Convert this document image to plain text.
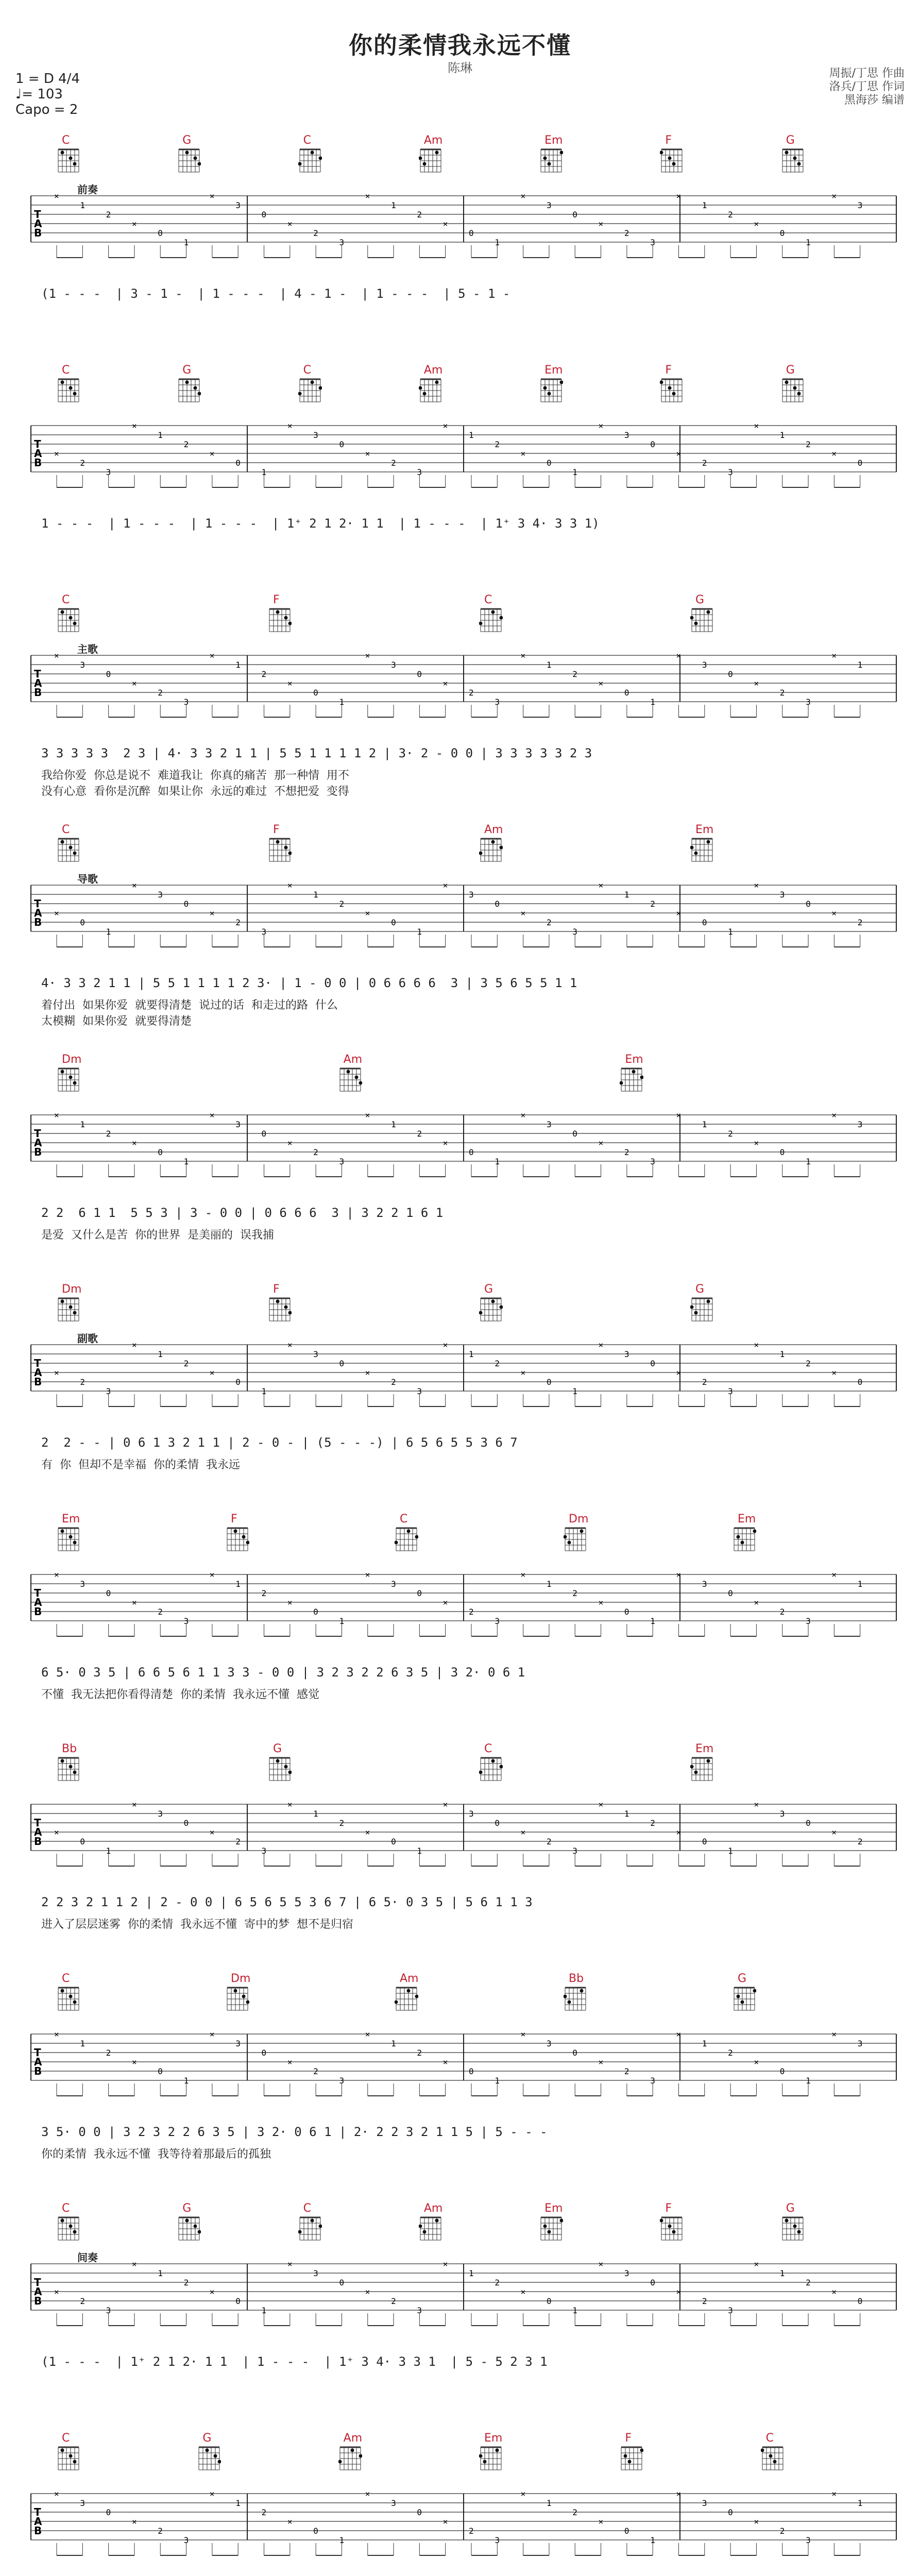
你的柔情我永远不懂
陈琳
1 = D 4/4
♩= 103
Capo = 2
周振/丁思 作曲
洛兵/丁思 作词
黑海莎 编谱
C	G	C	Am	Em	F	G
前奏
T
A
B
×
1
2
×
0
1
×
3
0
×
2
3
×
1
2
×
0
1
×
3
0
×
2
3
×
1
2
×
0
1
×
3
(1 - - -  | 3 - 1 -  | 1 - - -  | 4 - 1 -  | 1 - - -  | 5 - 1 -
C	G	C	Am	Em	F	G
T
A
B
×
2
3
×
1
2
×
0
1
×
3
0
×
2
3
×
1
2
×
0
1
×
3
0
×
2
3
×
1
2
×
0
1 - - -  | 1 - - -  | 1 - - -  | 1⁺ 2 1 2· 1 1  | 1 - - -  | 1⁺ 3 4· 3 3 1)
C	F	C	G
主歌
T
A
B
×
3
0
×
2
3
×
1
2
×
0
1
×
3
0
×
2
3
×
1
2
×
0
1
×
3
0
×
2
3
×
1
3 3 3 3 3  2 3 | 4· 3 3 2 1 1 | 5 5 1 1 1 1 2 | 3· 2 - 0 0 | 3 3 3 3 3 2 3
我给你爱  你总是说不  难道我让  你真的痛苦  那一种情  用不
没有心意  看你是沉醉  如果让你  永远的难过  不想把爱  变得
C	F	Am	Em
导歌
T
A
B
×
0
1
×
3
0
×
2
3
×
1
2
×
0
1
×
3
0
×
2
3
×
1
2
×
0
1
×
3
0
×
2
4· 3 3 2 1 1 | 5 5 1 1 1 1 2 3· | 1 - 0 0 | 0 6 6 6 6  3 | 3 5 6 5 5 1 1
着付出  如果你爱  就要得清楚  说过的话  和走过的路  什么
太模糊  如果你爱  就要得清楚
Dm	Am	Em
T
A
B
×
1
2
×
0
1
×
3
0
×
2
3
×
1
2
×
0
1
×
3
0
×
2
3
×
1
2
×
0
1
×
3
2 2  6 1 1  5 5 3 | 3 - 0 0 | 0 6 6 6  3 | 3 2 2 1 6 1
是爱  又什么是苦  你的世界  是美丽的  误我捕
Dm	F	G	G
副歌
T
A
B
×
2
3
×
1
2
×
0
1
×
3
0
×
2
3
×
1
2
×
0
1
×
3
0
×
2
3
×
1
2
×
0
2  2 - - | 0 6 1 3 2 1 1 | 2 - 0 - | (5 - - -) | 6 5 6 5 5 3 6 7
有  你  但却不是幸福  你的柔情  我永远
Em	F	C	Dm	Em
T
A
B
×
3
0
×
2
3
×
1
2
×
0
1
×
3
0
×
2
3
×
1
2
×
0
1
×
3
0
×
2
3
×
1
6 5· 0 3 5 | 6 6 5 6 1 1 3 3 - 0 0 | 3 2 3 2 2 6 3 5 | 3 2· 0 6 1
不懂  我无法把你看得清楚  你的柔情  我永远不懂  感觉
Bb	G	C	Em
T
A
B
×
0
1
×
3
0
×
2
3
×
1
2
×
0
1
×
3
0
×
2
3
×
1
2
×
0
1
×
3
0
×
2
2 2 3 2 1 1 2 | 2 - 0 0 | 6 5 6 5 5 3 6 7 | 6 5· 0 3 5 | 5 6 1 1 3
进入了层层迷雾  你的柔情  我永远不懂  寄中的梦  想不是归宿
C	Dm	Am	Bb	G
T
A
B
×
1
2
×
0
1
×
3
0
×
2
3
×
1
2
×
0
1
×
3
0
×
2
3
×
1
2
×
0
1
×
3
3 5· 0 0 | 3 2 3 2 2 6 3 5 | 3 2· 0 6 1 | 2· 2 2 3 2 1 1 5 | 5 - - -
你的柔情  我永远不懂  我等待着那最后的孤独
C	G	C	Am	Em	F	G
间奏
T
A
B
×
2
3
×
1
2
×
0
1
×
3
0
×
2
3
×
1
2
×
0
1
×
3
0
×
2
3
×
1
2
×
0
(1 - - -  | 1⁺ 2 1 2· 1 1  | 1 - - -  | 1⁺ 3 4· 3 3 1  | 5 - 5 2 3 1
C	G	Am	Em	F	C
T
A
B
×
3
0
×
2
3
×
1
2
×
0
1
×
3
0
×
2
3
×
1
2
×
0
1
×
3
0
×
2
3
×
1
